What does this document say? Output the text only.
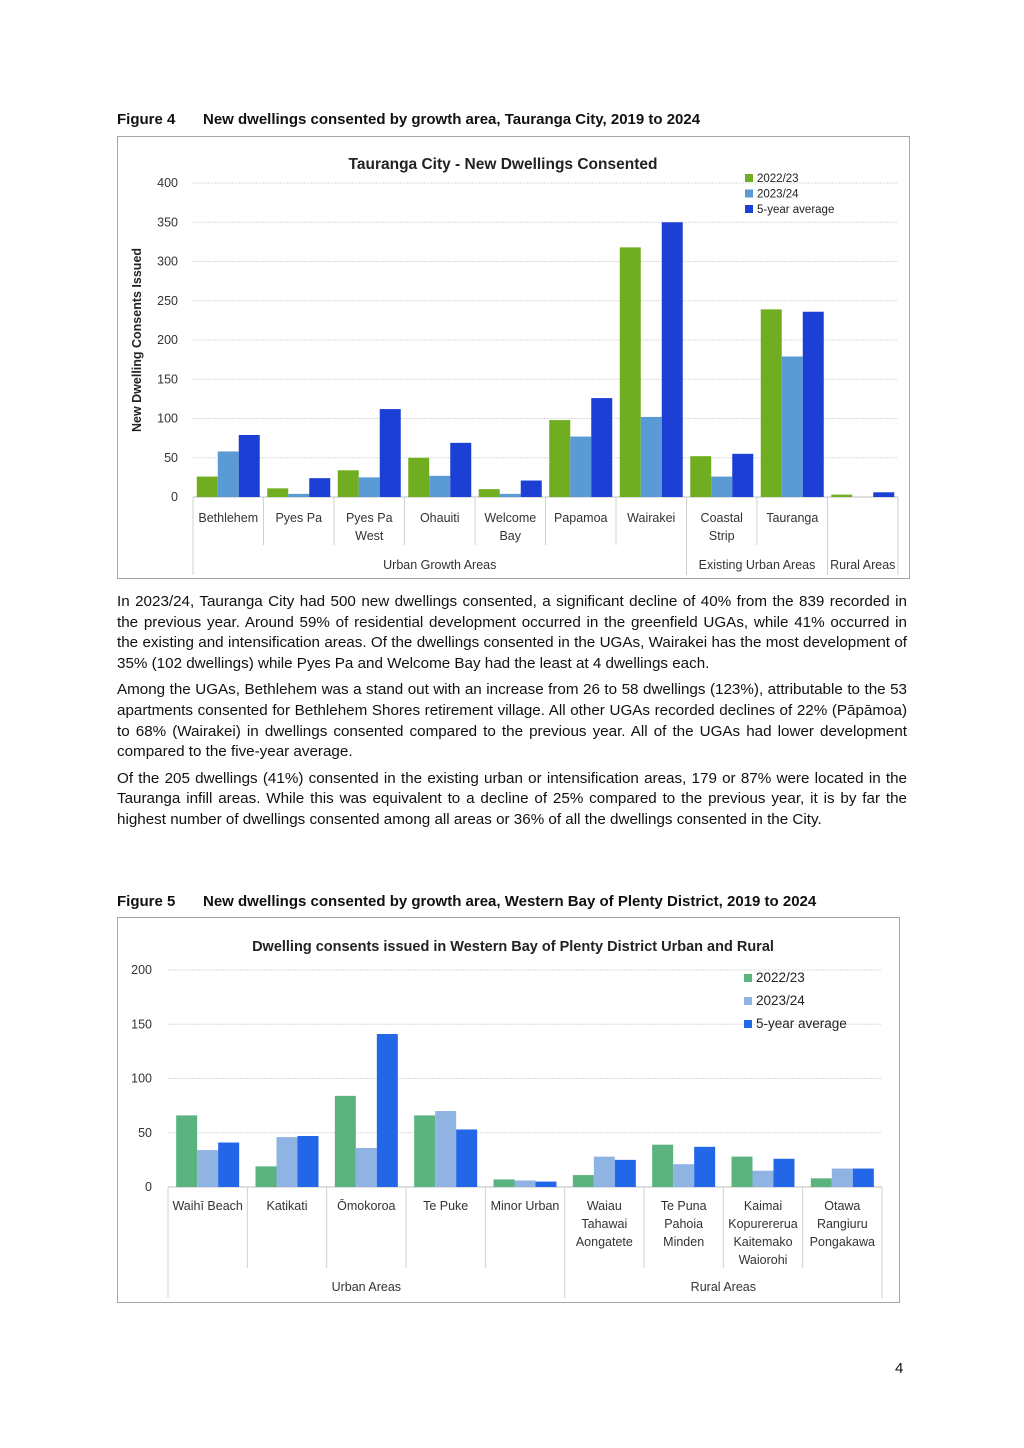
Figure 4 New dwellings consented by growth area, Tauranga City, 2019 to 2024
Tauranga City - New Dwellings Consented
0
50
100
150
200
250
300
350
400
New Dwelling Consents Issued
Bethlehem Pyes Pa Pyes Pa
West
Ohauiti Welcome
Bay
Papamoa Wairakei Coastal
Strip
Tauranga
Urban Growth Areas	Existing Urban Areas Rural Areas
2022/23
2023/24
5-year average

In 2023/24, Tauranga City had 500 new dwellings consented, a significant decline of 40% from the 839 recorded in the previous year. Around 59% of residential development occurred in the greenfield UGAs, while 41% occurred in the existing and intensification areas. Of the dwellings consented in the UGAs, Wairakei has the most development of 35% (102 dwellings) while Pyes Pa and Welcome Bay had the least at 4 dwellings each.

Among the UGAs, Bethlehem was a stand out with an increase from 26 to 58 dwellings (123%), attributable to the 53 apartments consented for Bethlehem Shores retirement village. All other UGAs recorded declines of 22% (Pāpāmoa) to 68% (Wairakei) in dwellings consented compared to the previous year. All of the UGAs had lower development compared to the five-year average.

Of the 205 dwellings (41%) consented in the existing urban or intensification areas, 179 or 87% were located in the Tauranga infill areas. While this was equivalent to a decline of 25% compared to the previous year, it is by far the highest number of dwellings consented among all areas or 36% of all the dwellings consented in the City.

Figure 5 New dwellings consented by growth area, Western Bay of Plenty District, 2019 to 2024
Dwelling consents issued in Western Bay of Plenty District Urban and Rural
0
50
100
150
200
Waihī Beach Katikati Ōmokoroa Te Puke Minor Urban Waiau
Tahawai
Aongatete
Te Puna
Pahoia
Minden
Kaimai
Kopurererua
Kaitemako
Waiorohi
Otawa
Rangiuru
Pongakawa
Urban Areas	Rural Areas
2022/23
2023/24
5-year average
4
